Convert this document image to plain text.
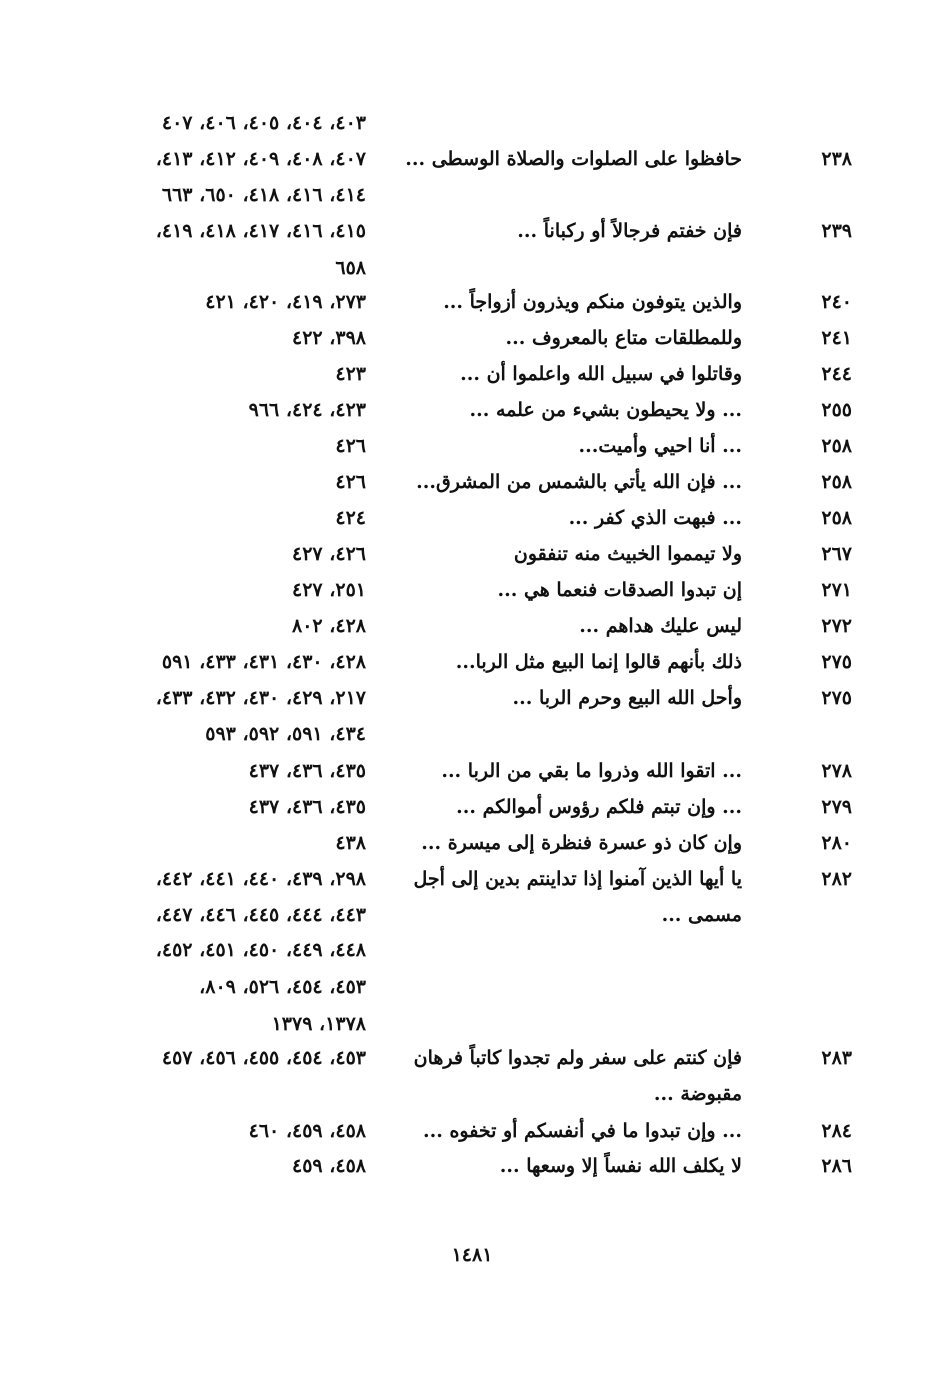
٤٠٣، ٤٠٤، ٤٠٥، ٤٠٦، ٤٠٧
٢٣٨
حافظوا على الصلوات والصلاة الوسطى ...
٤٠٧، ٤٠٨، ٤٠٩، ٤١٢، ٤١٣،
٤١٤، ٤١٦، ٤١٨، ٦٥٠، ٦٦٣
٢٣٩
فإن خفتم فرجالاً أو ركباناً ...
٤١٥، ٤١٦، ٤١٧، ٤١٨، ٤١٩،
٦٥٨
٢٤٠
والذين يتوفون منكم ويذرون أزواجاً ...
٢٧٣، ٤١٩، ٤٢٠، ٤٢١
٢٤١
وللمطلقات متاع بالمعروف ...
٣٩٨، ٤٢٢
٢٤٤
وقاتلوا في سبيل الله واعلموا أن ...
٤٢٣
٢٥٥
... ولا يحيطون بشيء من علمه ...
٤٢٣، ٤٢٤، ٩٦٦
٢٥٨
... أنا احيي وأميت...
٤٢٦
٢٥٨
... فإن الله يأتي بالشمس من المشرق...
٤٢٦
٢٥٨
... فبهت الذي كفر ...
٤٢٤
٢٦٧
ولا تيمموا الخبيث منه تنفقون
٤٢٦، ٤٢٧
٢٧١
إن تبدوا الصدقات فنعما هي ...
٢٥١، ٤٢٧
٢٧٢
ليس عليك هداهم ...
٤٢٨، ٨٠٢
٢٧٥
ذلك بأنهم قالوا إنما البيع مثل الربا...
٤٢٨، ٤٣٠، ٤٣١، ٤٣٣، ٥٩١
٢٧٥
وأحل الله البيع وحرم الربا ...
٢١٧، ٤٢٩، ٤٣٠، ٤٣٢، ٤٣٣،
٤٣٤، ٥٩١، ٥٩٢، ٥٩٣
٢٧٨
... اتقوا الله وذروا ما بقي من الربا ...
٤٣٥، ٤٣٦، ٤٣٧
٢٧٩
... وإن تبتم فلكم رؤوس أموالكم ...
٤٣٥، ٤٣٦، ٤٣٧
٢٨٠
وإن كان ذو عسرة فنظرة إلى ميسرة ...
٤٣٨
٢٨٢
يا أيها الذين آمنوا إذا تداينتم بدين إلى أجل
٢٩٨، ٤٣٩، ٤٤٠، ٤٤١، ٤٤٢،
مسمى ...
٤٤٣، ٤٤٤، ٤٤٥، ٤٤٦، ٤٤٧،
٤٤٨، ٤٤٩، ٤٥٠، ٤٥١، ٤٥٢،
٤٥٣، ٤٥٤، ٥٢٦، ٨٠٩،
١٣٧٨، ١٣٧٩
٢٨٣
فإن كنتم على سفر ولم تجدوا كاتباً فرهان
٤٥٣، ٤٥٤، ٤٥٥، ٤٥٦، ٤٥٧
مقبوضة ...
٢٨٤
... وإن تبدوا ما في أنفسكم أو تخفوه ...
٤٥٨، ٤٥٩، ٤٦٠
٢٨٦
لا يكلف الله نفساً إلا وسعها ...
٤٥٨، ٤٥٩
١٤٨١
